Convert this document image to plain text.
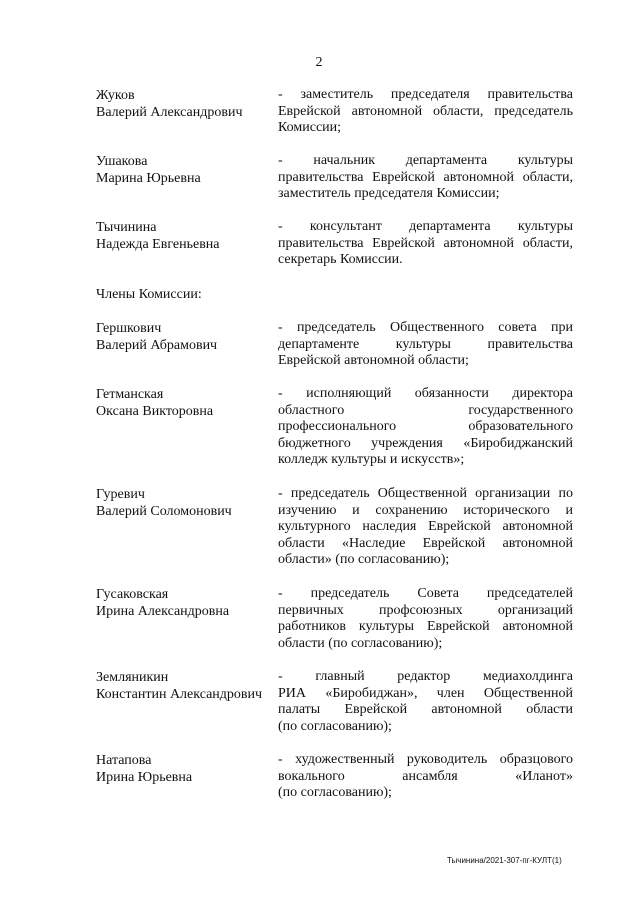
2
Жуков
Валерий Александрович
- заместитель председателя правительства
Еврейской автономной области, председатель
Комиссии;
Ушакова
Марина Юрьевна
- начальник департамента культуры
правительства Еврейской автономной области,
заместитель председателя Комиссии;
Тычинина
Надежда Евгеньевна
- консультант департамента культуры
правительства Еврейской автономной области,
секретарь Комиссии.
Члены Комиссии:
Гершкович
Валерий Абрамович
- председатель Общественного совета при
департаменте культуры правительства
Еврейской автономной области;
Гетманская
Оксана Викторовна
- исполняющий обязанности директора
областного государственного
профессионального образовательного
бюджетного учреждения «Биробиджанский
колледж культуры и искусств»;
Гуревич
Валерий Соломонович
- председатель Общественной организации по
изучению и сохранению исторического и
культурного наследия Еврейской автономной
области «Наследие Еврейской автономной
области» (по согласованию);
Гусаковская
Ирина Александровна
- председатель Совета председателей
первичных профсоюзных организаций
работников культуры Еврейской автономной
области (по согласованию);
Земляникин
Константин Александрович
- главный редактор медиахолдинга
РИА «Биробиджан», член Общественной
палаты Еврейской автономной области
(по согласованию);
Натапова
Ирина Юрьевна
- художественный руководитель образцового
вокального ансамбля «Иланот»
(по согласованию);
Тычинина/2021-307-пг-КУЛТ(1)
